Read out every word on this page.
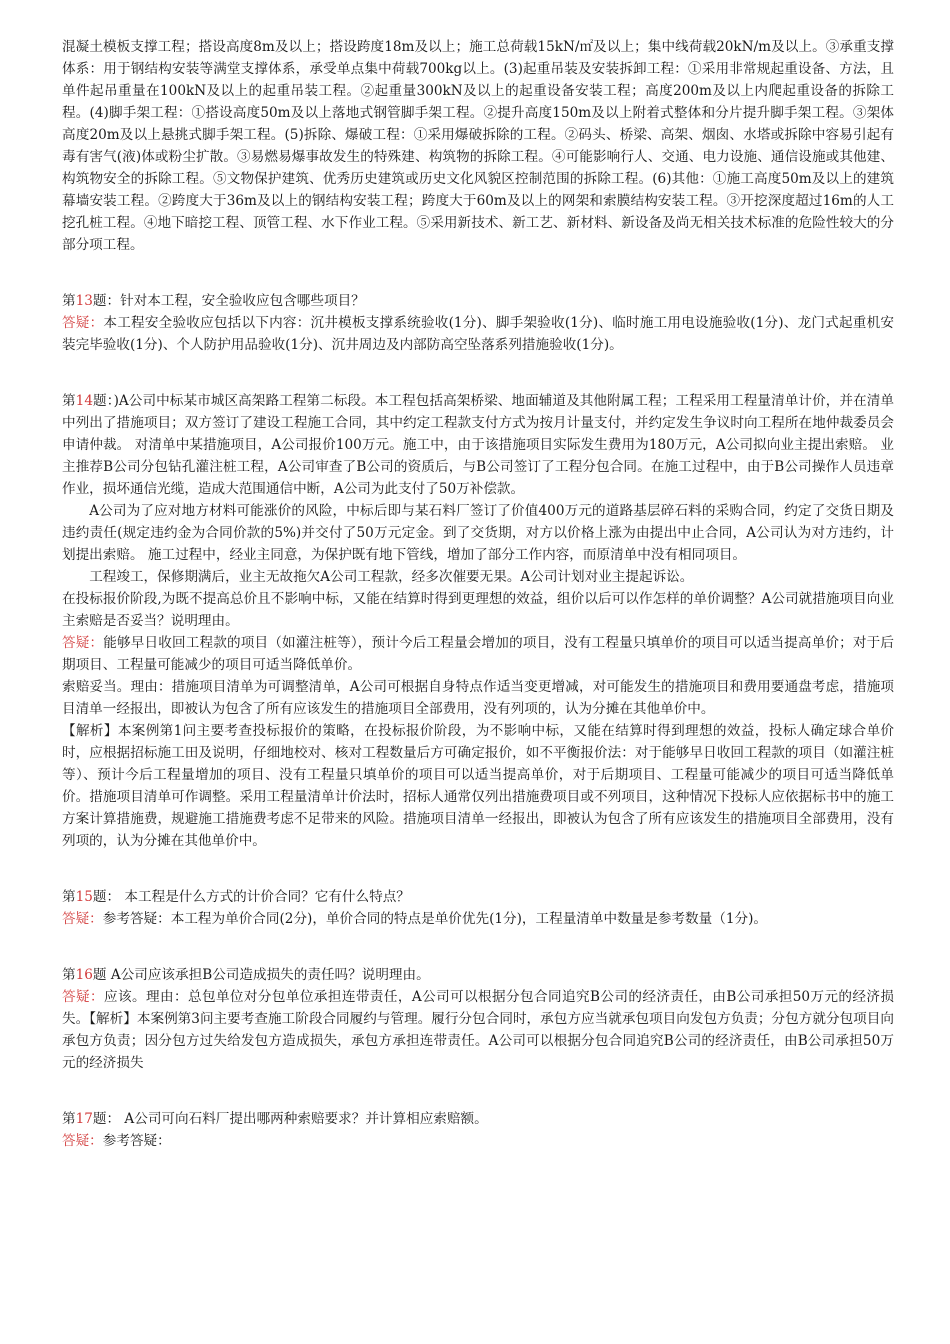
混凝土模板支撑工程；搭设高度8m及以上；搭设跨度18m及以上；施工总荷载15kN/㎡及以上；集中线荷载20kN/m及以上。③承重支撑体系：用于钢结构安装等满堂支撑体系，承受单点集中荷载700kg以上。(3)起重吊装及安装拆卸工程：①采用非常规起重设备、方法，且单件起吊重量在100kN及以上的起重吊装工程。②起重量300kN及以上的起重设备安装工程；高度200m及以上内爬起重设备的拆除工程。(4)脚手架工程：①搭设高度50m及以上落地式钢管脚手架工程。②提升高度150m及以上附着式整体和分片提升脚手架工程。③架体高度20m及以上悬挑式脚手架工程。(5)拆除、爆破工程：①采用爆破拆除的工程。②码头、桥梁、高架、烟囱、水塔或拆除中容易引起有毒有害气(液)体或粉尘扩散。③易燃易爆事故发生的特殊建、构筑物的拆除工程。④可能影响行人、交通、电力设施、通信设施或其他建、构筑物安全的拆除工程。⑤文物保护建筑、优秀历史建筑或历史文化风貌区控制范围的拆除工程。(6)其他：①施工高度50m及以上的建筑幕墙安装工程。②跨度大于36m及以上的钢结构安装工程；跨度大于60m及以上的网架和索膜结构安装工程。③开挖深度超过16m的人工挖孔桩工程。④地下暗挖工程、顶管工程、水下作业工程。⑤采用新技术、新工艺、新材料、新设备及尚无相关技术标准的危险性较大的分部分项工程。

第13题：针对本工程，安全验收应包含哪些项目？

答疑：本工程安全验收应包括以下内容：沉井模板支撑系统验收(1分)、脚手架验收(1分)、临时施工用电设施验收(1分)、龙门式起重机安装完毕验收(1分)、个人防护用品验收(1分)、沉井周边及内部防高空坠落系列措施验收(1分)。

第14题：)A公司中标某市城区高架路工程第二标段。本工程包括高架桥梁、地面辅道及其他附属工程；工程采用工程量清单计价，并在清单中列出了措施项目；双方签订了建设工程施工合同，其中约定工程款支付方式为按月计量支付，并约定发生争议时向工程所在地仲裁委员会申请仲裁。 对清单中某措施项目，A公司报价100万元。施工中，由于该措施项目实际发生费用为180万元，A公司拟向业主提出索赔。 业主推荐B公司分包钻孔灌注桩工程，A公司审查了B公司的资质后，与B公司签订了工程分包合同。在施工过程中，由于B公司操作人员违章作业，损坏通信光缆，造成大范围通信中断，A公司为此支付了50万补偿款。

A公司为了应对地方材料可能涨价的风险，中标后即与某石料厂签订了价值400万元的道路基层碎石料的采购合同，约定了交货日期及违约责任(规定违约金为合同价款的5%)并交付了50万元定金。到了交货期，对方以价格上涨为由提出中止合同，A公司认为对方违约，计划提出索赔。 施工过程中，经业主同意，为保护既有地下管线，增加了部分工作内容，而原清单中没有相同项目。

工程竣工，保修期满后，业主无故拖欠A公司工程款，经多次催要无果。A公司计划对业主提起诉讼。

在投标报价阶段,为既不提高总价且不影响中标，又能在结算时得到更理想的效益，组价以后可以作怎样的单价调整？A公司就措施项目向业主索赔是否妥当？说明理由。

答疑：能够早日收回工程款的项目（如灌注桩等），预计今后工程量会增加的项目，没有工程量只填单价的项目可以适当提高单价；对于后期项目、工程量可能减少的项目可适当降低单价。

索赔妥当。理由：措施项目清单为可调整清单，A公司可根据自身特点作适当变更增减，对可能发生的措施项目和费用要通盘考虑，措施项目清单一经报出，即被认为包含了所有应该发生的措施项目全部费用，没有列项的，认为分摊在其他单价中。

【解析】本案例第1问主要考查投标报价的策略，在投标报价阶段，为不影响中标，又能在结算时得到理想的效益，投标人确定球合单价时，应根据招标施工田及说明，仔细地校对、核对工程数量后方可确定报价，如不平衡报价法：对于能够早日收回工程款的项目（如灌注桩等）、预计今后工程量增加的项目、没有工程量只填单价的项目可以适当提高单价，对于后期项目、工程量可能减少的项目可适当降低单价。措施项目清单可作调整。采用工程量清单计价法时，招标人通常仅列出措施费项目或不列项目，这种情况下投标人应依据标书中的施工方案计算措施费，规避施工措施费考虑不足带来的风险。措施项目清单一经报出，即被认为包含了所有应该发生的措施项目全部费用，没有列项的，认为分摊在其他单价中。

第15题： 本工程是什么方式的计价合同？它有什么特点？

答疑：参考答疑：本工程为单价合同(2分)，单价合同的特点是单价优先(1分)，工程量清单中数量是参考数量（1分)。

第16题 A公司应该承担B公司造成损失的责任吗？说明理由。

答疑：应该。理由：总包单位对分包单位承担连带责任，A公司可以根据分包合同追究B公司的经济责任，由B公司承担50万元的经济损失。【解析】本案例第3问主要考查施工阶段合同履约与管理。履行分包合同时，承包方应当就承包项目向发包方负责；分包方就分包项目向承包方负责；因分包方过失给发包方造成损失，承包方承担连带责任。A公司可以根据分包合同追究B公司的经济责任，由B公司承担50万元的经济损失

第17题： A公司可向石料厂提出哪两种索赔要求？并计算相应索赔额。

答疑：参考答疑：
